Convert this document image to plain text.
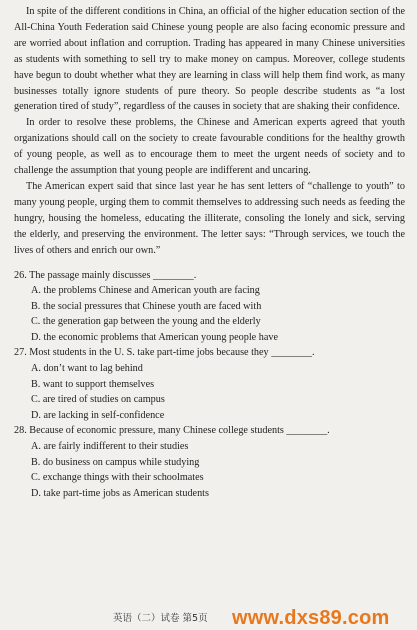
In spite of the different conditions in China, an official of the higher education section of the All-China Youth Federation said Chinese young people are also facing economic pressure and are worried about inflation and corruption. Trading has appeared in many Chinese universities as students with something to sell try to make money on campus. Moreover, college students have begun to doubt whether what they are learning in class will help them find work, as many businesses totally ignore students of pure theory. So people describe students as “a lost generation tired of study”, regardless of the causes in society that are shaking their confidence.

In order to resolve these problems, the Chinese and American experts agreed that youth organizations should call on the society to create favourable conditions for the healthy growth of young people, as well as to encourage them to meet the urgent needs of society and to challenge the assumption that young people are indifferent and uncaring.

The American expert said that since last year he has sent letters of “challenge to youth” to many young people, urging them to commit themselves to addressing such needs as feeding the hungry, housing the homeless, educating the illiterate, consoling the lonely and sick, serving the elderly, and preserving the environment. The letter says: “Through services, we touch the lives of others and enrich our own.”

26. The passage mainly discusses ________.

A. the problems Chinese and American youth are facing

B. the social pressures that Chinese youth are faced with

C. the generation gap between the young and the elderly

D. the economic problems that American young people have

27. Most students in the U. S. take part-time jobs because they ________.

A. don’t want to lag behind

B. want to support themselves

C. are tired of studies on campus

D. are lacking in self-confidence

28. Because of economic pressure, many Chinese college students ________.

A. are fairly indifferent to their studies

B. do business on campus while studying

C. exchange things with their schoolmates

D. take part-time jobs as American students

英语（二）试卷 第5页 www.dxs89.com
